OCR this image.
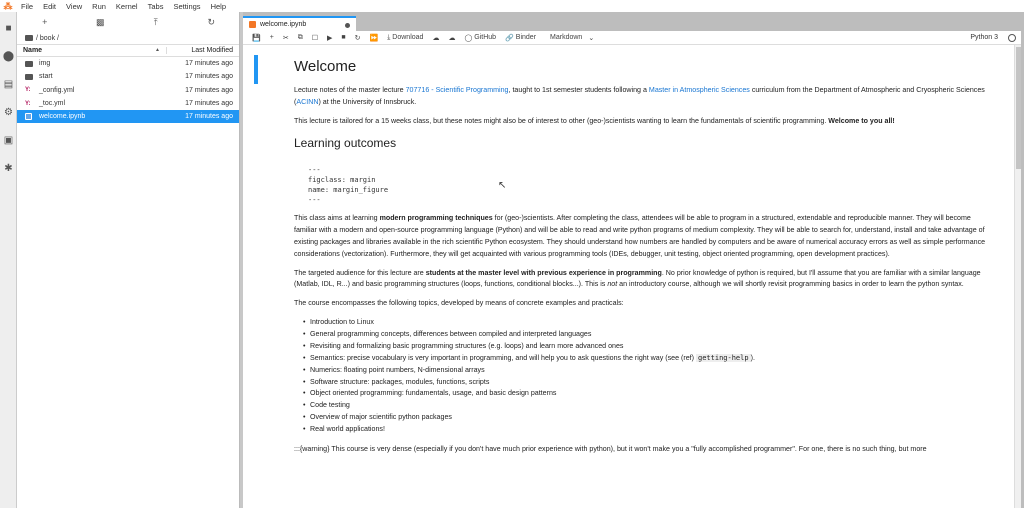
⁂	File	Edit	View	Run	Kernel	Tabs	Settings	Help
■
⬤
▤
⚙
▣
✱
+	▩	⤒	↻
/ book /
Name	▲	Last Modified
img	17 minutes ago
start	17 minutes ago
Y:	_config.yml	17 minutes ago
Y:	_toc.yml	17 minutes ago
welcome.ipynb	17 minutes ago
welcome.ipynb
💾 + ✂ ⧉ ☐ ▶ ■ ↻ ⏩ ⤓ Download ☁ ☁ ◯ GitHub 🔗 Binder Markdown ⌄	Python 3
Welcome

Lecture notes of the master lecture 707716 - Scientific Programming, taught to 1st semester students following a Master in Atmospheric Sciences curriculum from the Department of Atmospheric and Cryospheric Sciences (ACINN) at the University of Innsbruck.

This lecture is tailored for a 15 weeks class, but these notes might also be of interest to other (geo-)scientists wanting to learn the fundamentals of scientific programming. Welcome to you all!

Learning outcomes
---
figclass: margin
name: margin_figure
---

This class aims at learning modern programming techniques for (geo-)scientists. After completing the class, attendees will be able to program in a structured, extendable and reproducible manner. They will become familiar with a modern and open-source programming language (Python) and will be able to read and write python programs of medium complexity. They will be able to search for, understand, install and take advantage of existing packages and libraries available in the rich scientific Python ecosystem. They should understand how numbers are handled by computers and be aware of numerical accuracy errors as well as simple performance considerations (vectorization). Furthermore, they will get acquainted with various programming tools (IDEs, debugger, unit testing, object oriented programming, open development practices).

The targeted audience for this lecture are students at the master level with previous experience in programming. No prior knowledge of python is required, but I'll assume that you are familiar with a similar language (Matlab, IDL, R...) and basic programming structures (loops, functions, conditional blocks...). This is not an introductory course, although we will shortly revisit programming basics in order to learn the python syntax.

The course encompasses the following topics, developed by means of concrete examples and practicals:

• Introduction to Linux
• General programming concepts, differences between compiled and interpreted languages
• Revisiting and formalizing basic programming structures (e.g. loops) and learn more advanced ones
• Semantics: precise vocabulary is very important in programming, and will help you to ask questions the right way (see (ref) getting-help ).
• Numerics: floating point numbers, N-dimensional arrays
• Software structure: packages, modules, functions, scripts
• Object oriented programming: fundamentals, usage, and basic design patterns
• Code testing
• Overview of major scientific python packages
• Real world applications!

:::{warning} This course is very dense (especially if you don't have much prior experience with python), but it won't make you a "fully accomplished programmer". For one, there is no such thing, but more

↖
